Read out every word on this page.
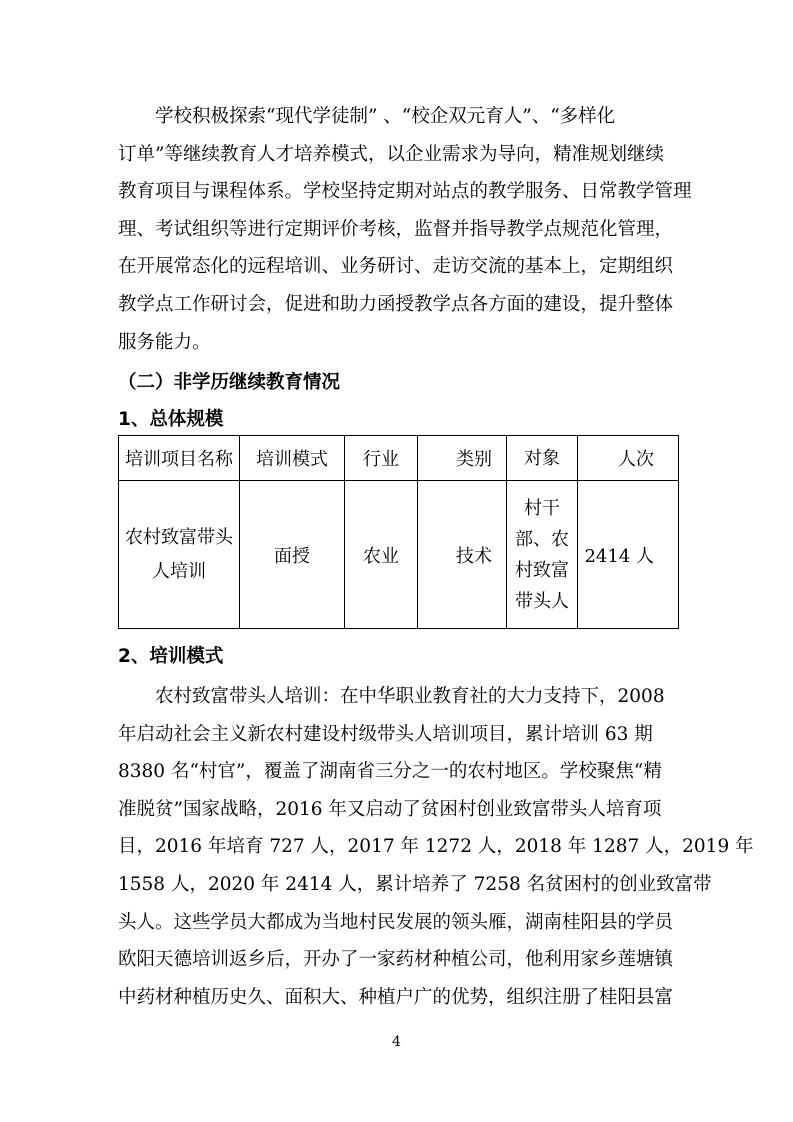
学校积极探索“现代学徒制” 、“校企双元育人”、“多样化
订单”等继续教育人才培养模式，以企业需求为导向，精准规划继续
教育项目与课程体系。学校坚持定期对站点的教学服务、日常教学管理
理、考试组织等进行定期评价考核，监督并指导教学点规范化管理，
在开展常态化的远程培训、业务研讨、走访交流的基本上，定期组织
教学点工作研讨会，促进和助力函授教学点各方面的建设，提升整体
服务能力。
（二）非学历继续教育情况
1、总体规模
培训项目名称	培训模式	行业	类别	对象	人次
农村致富带头人培训	面授	农业	技术	村干部、农村致富带头人	2414 人
2、培训模式
农村致富带头人培训：在中华职业教育社的大力支持下，2008
年启动社会主义新农村建设村级带头人培训项目，累计培训 63 期
8380 名“村官”，覆盖了湖南省三分之一的农村地区。学校聚焦“精
准脱贫”国家战略，2016 年又启动了贫困村创业致富带头人培育项
目，2016 年培育 727 人，2017 年 1272 人，2018 年 1287 人，2019 年
1558 人，2020 年 2414 人，累计培养了 7258 名贫困村的创业致富带
头人。这些学员大都成为当地村民发展的领头雁，湖南桂阳县的学员
欧阳天德培训返乡后，开办了一家药材种植公司，他利用家乡莲塘镇
中药材种植历史久、面积大、种植户广的优势，组织注册了桂阳县富
4
